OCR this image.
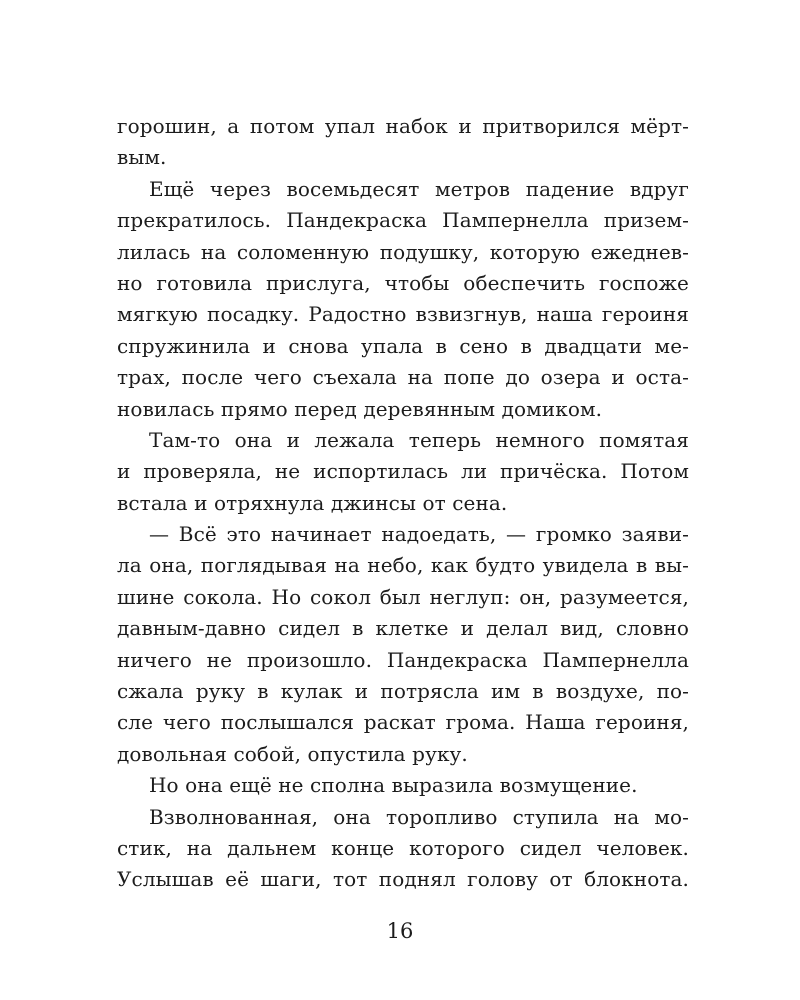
горошин, а потом упал набок и притворился мёрт-
вым.
Ещё через восемьдесят метров падение вдруг
прекратилось. Пандекраска Пампернелла призем-
лилась на соломенную подушку, которую ежеднев-
но готовила прислуга, чтобы обеспечить госпоже
мягкую посадку. Радостно взвизгнув, наша героиня
спружинила и снова упала в сено в двадцати ме-
трах, после чего съехала на попе до озера и оста-
новилась прямо перед деревянным домиком.
Там-то она и лежала теперь немного помятая
и проверяла, не испортилась ли причёска. Потом
встала и отряхнула джинсы от сена.
— Всё это начинает надоедать, — громко заяви-
ла она, поглядывая на небо, как будто увидела в вы-
шине сокола. Но сокол был неглуп: он, разумеется,
давным-давно сидел в клетке и делал вид, словно
ничего не произошло. Пандекраска Пампернелла
сжала руку в кулак и потрясла им в воздухе, по-
сле чего послышался раскат грома. Наша героиня,
довольная собой, опустила руку.
Но она ещё не сполна выразила возмущение.
Взволнованная, она торопливо ступила на мо-
стик, на дальнем конце которого сидел человек.
Услышав её шаги, тот поднял голову от блокнота.
16
